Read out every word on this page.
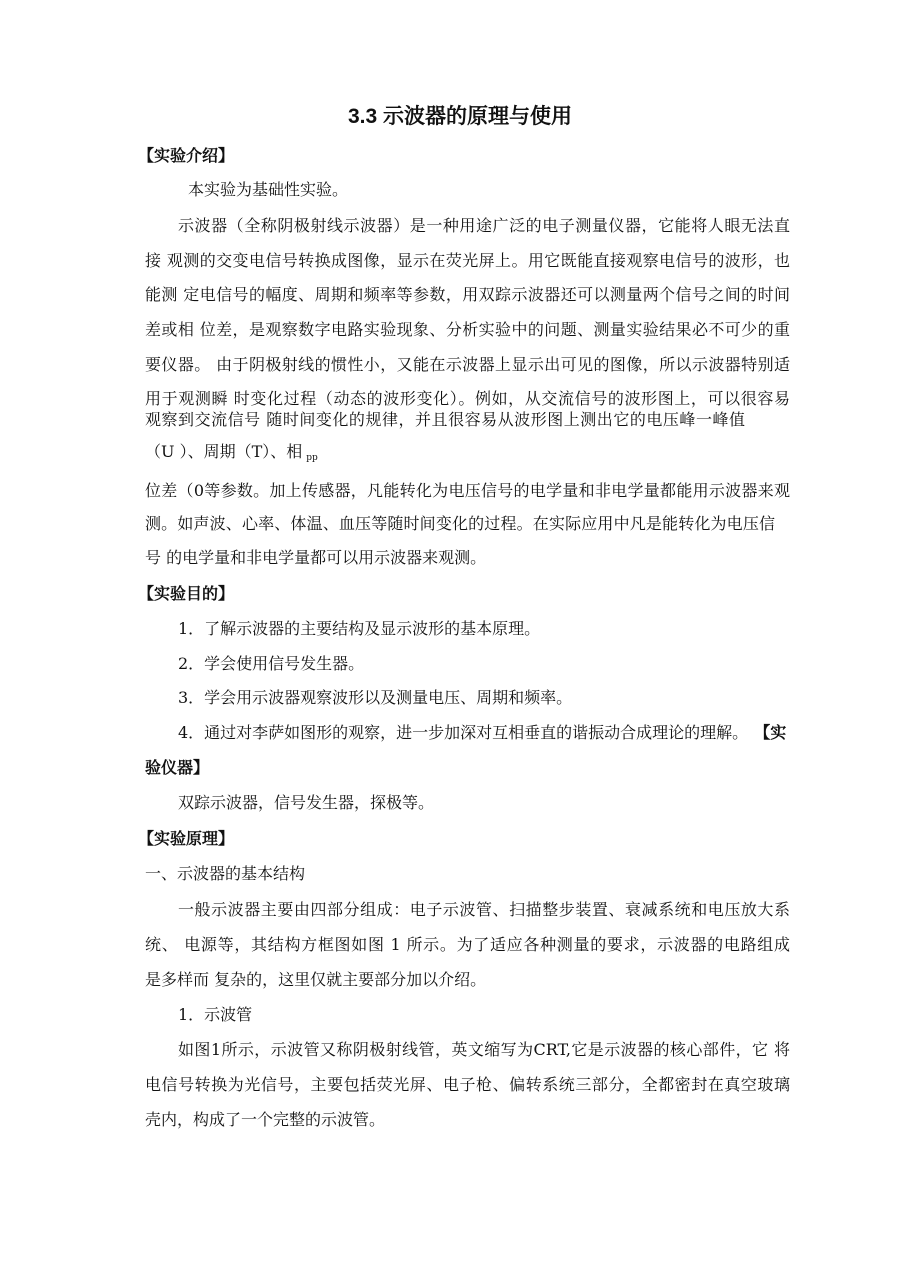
3.3 示波器的原理与使用
【实验介绍】
本实验为基础性实验。
示波器（全称阴极射线示波器）是一种用途广泛的电子测量仪器，它能将人眼无法直
接 观测的交变电信号转换成图像，显示在荧光屏上。用它既能直接观察电信号的波形，也
能测 定电信号的幅度、周期和频率等参数，用双踪示波器还可以测量两个信号之间的时间
差或相 位差，是观察数字电路实验现象、分析实验中的问题、测量实验结果必不可少的重
要仪器。 由于阴极射线的惯性小，又能在示波器上显示出可见的图像，所以示波器特别适
用于观测瞬 时变化过程（动态的波形变化）。例如，从交流信号的波形图上，可以很容易
观察到交流信号 随时间变化的规律，并且很容易从波形图上测出它的电压峰一峰值
（U ）、周期（T）、相 $_{pp}$
位差（0等参数。加上传感器，凡能转化为电压信号的电学量和非电学量都能用示波器来观
测。如声波、心率、体温、血压等随时间变化的过程。在实际应用中凡是能转化为电压信
号 的电学量和非电学量都可以用示波器来观测。
【实验目的】
1．了解示波器的主要结构及显示波形的基本原理。
2．学会使用信号发生器。
3．学会用示波器观察波形以及测量电压、周期和频率。
4．通过对李萨如图形的观察，进一步加深对互相垂直的谐振动合成理论的理解。 【实
验仪器】
双踪示波器，信号发生器，探极等。
【实验原理】
一、示波器的基本结构
一般示波器主要由四部分组成：电子示波管、扫描整步装置、衰减系统和电压放大系
统、 电源等，其结构方框图如图 1 所示。为了适应各种测量的要求，示波器的电路组成
是多样而 复杂的，这里仅就主要部分加以介绍。
1．示波管
如图1所示，示波管又称阴极射线管，英文缩写为CRT,它是示波器的核心部件，它 将
电信号转换为光信号，主要包括荧光屏、电子枪、偏转系统三部分，全都密封在真空玻璃
壳内，构成了一个完整的示波管。
